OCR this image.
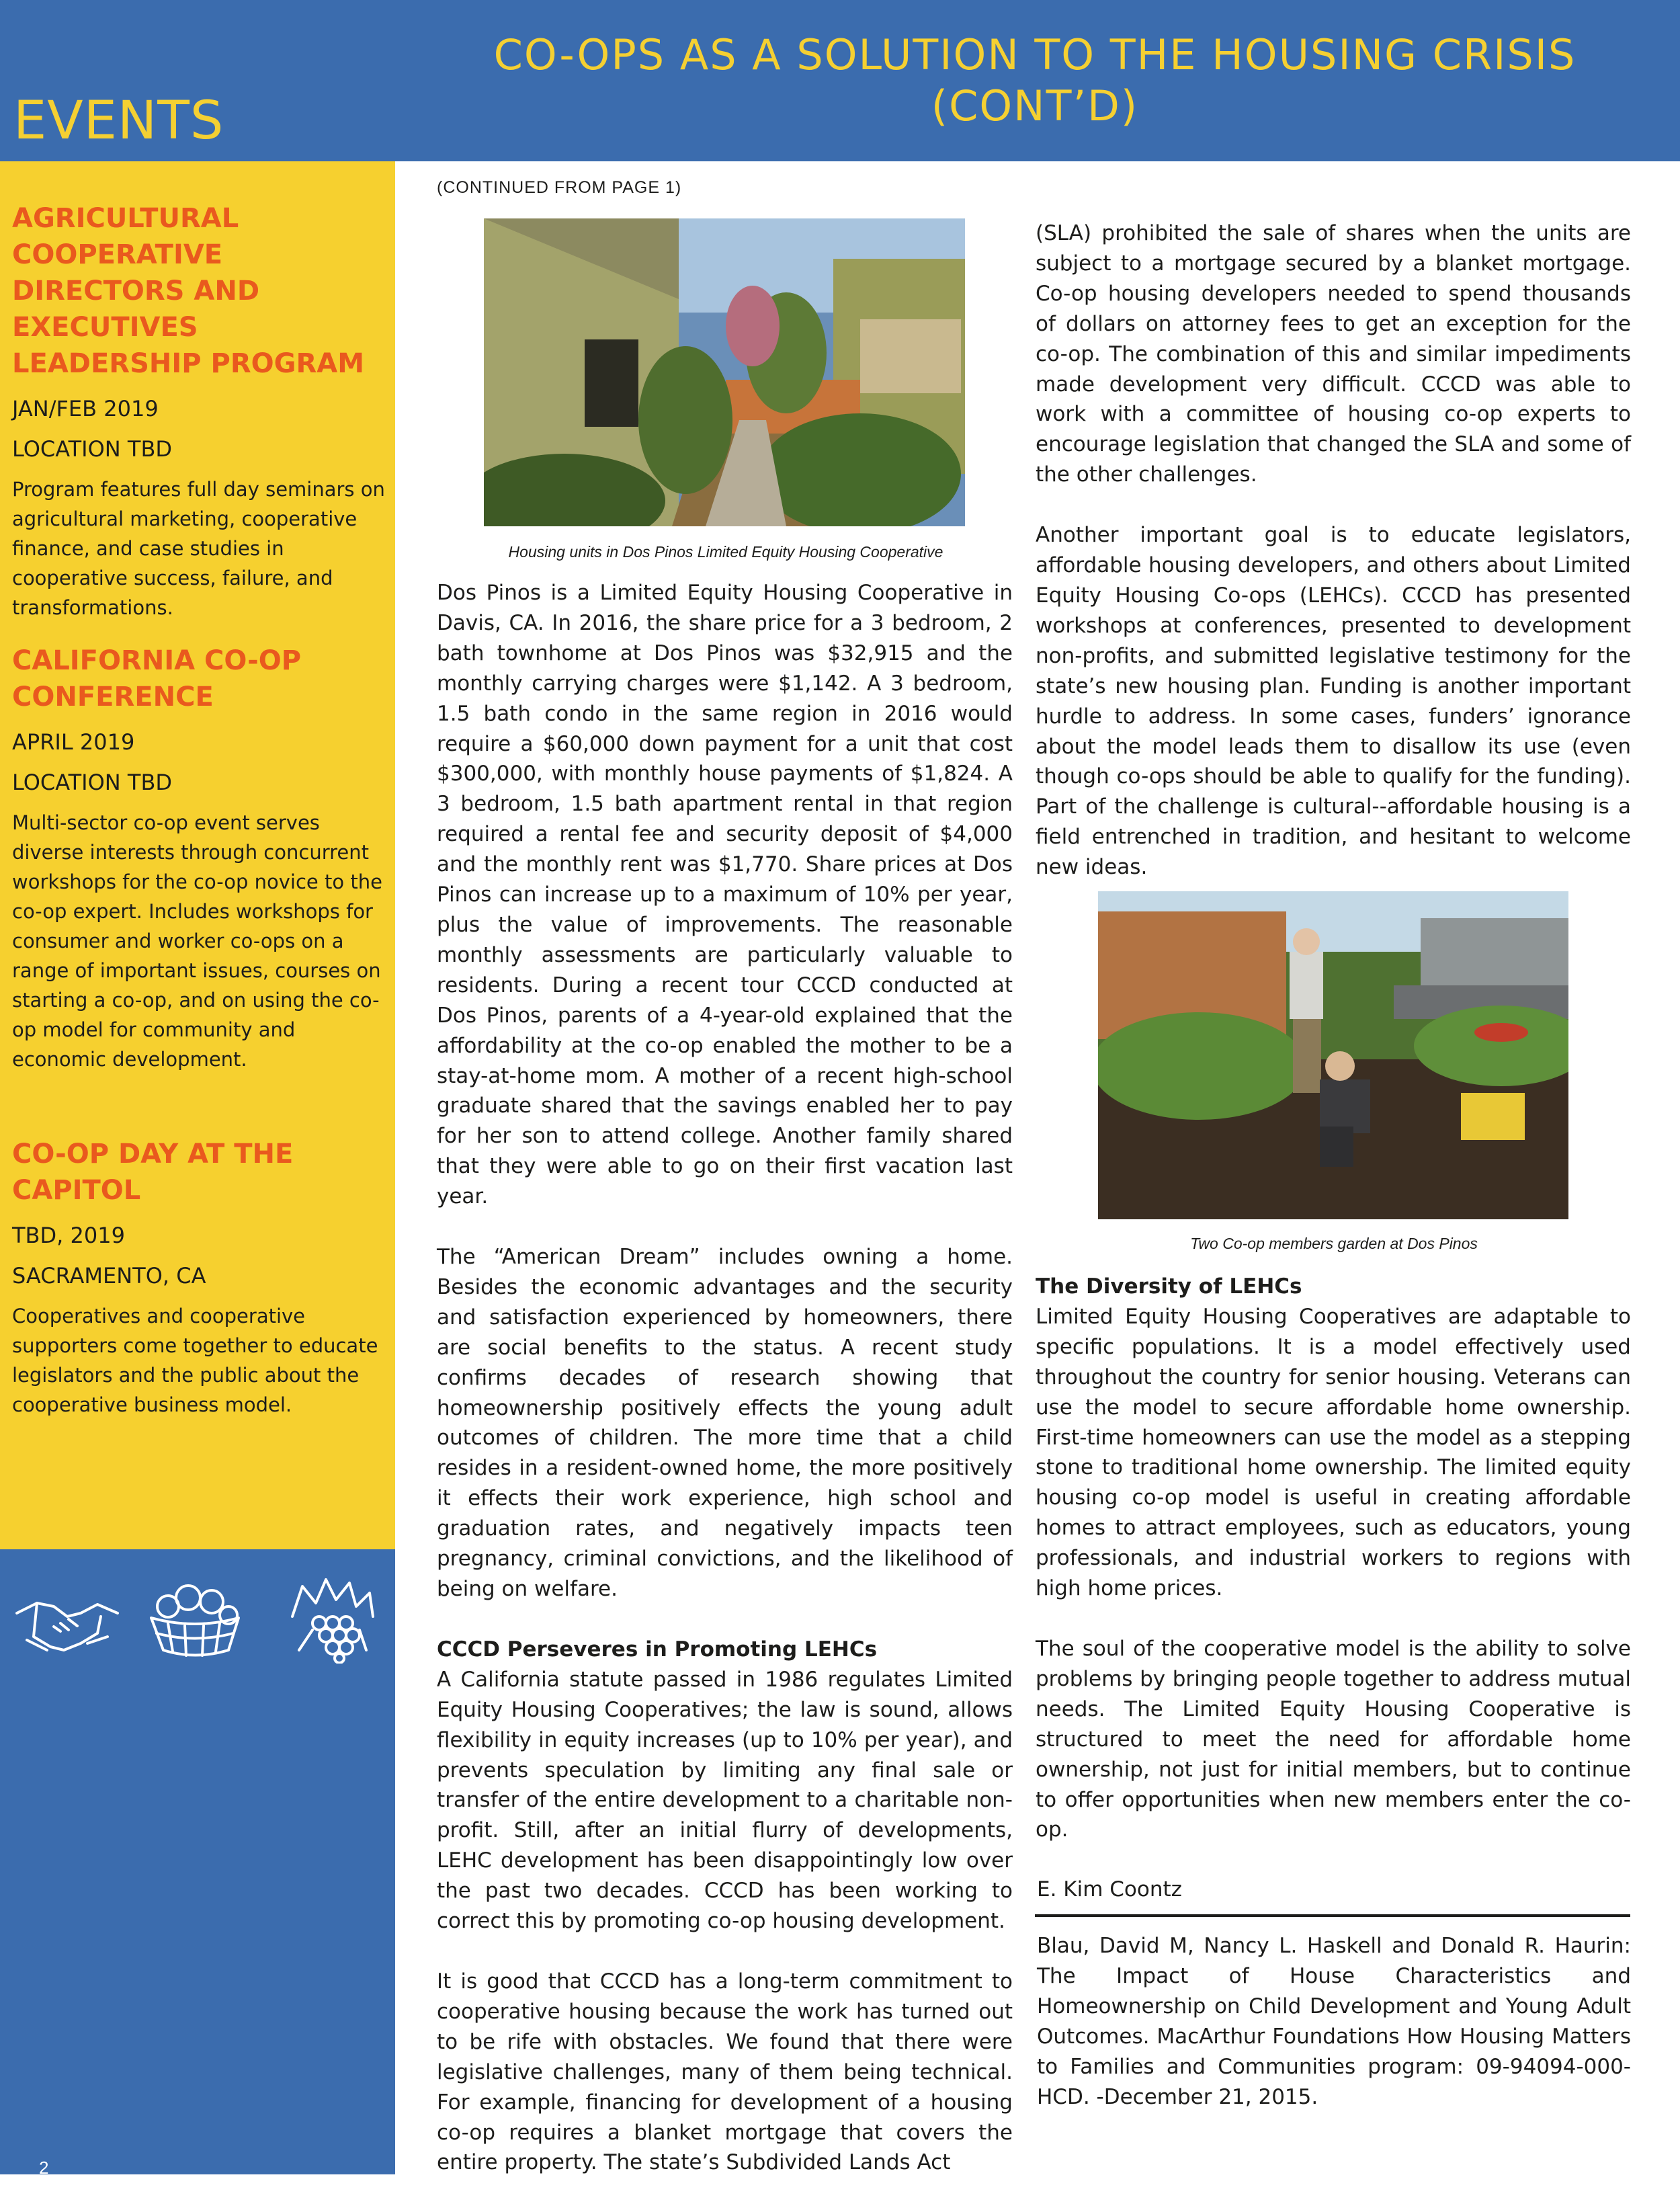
EVENTS
CO-OPS AS A SOLUTION TO THE HOUSING CRISIS
(CONT’D)
AGRICULTURAL COOPERATIVE DIRECTORS AND EXECUTIVES LEADERSHIP PROGRAM
JAN/FEB 2019
LOCATION TBD
Program features full day seminars on agricultural marketing, cooperative finance, and case studies in cooperative success, failure, and transformations.
CALIFORNIA CO-OP CONFERENCE
APRIL 2019
LOCATION TBD
Multi-sector co-op event serves diverse interests through concurrent workshops for the co-op novice to the co-op expert. Includes workshops for consumer and worker co-ops on a range of important issues, courses on starting a co-op, and on using the co-op model for community and economic development.
CO-OP DAY AT THE CAPITOL
TBD, 2019
SACRAMENTO, CA
Cooperatives and cooperative supporters come together to educate legislators and the public about the cooperative business model.
2
(CONTINUED FROM PAGE 1)
Housing units in Dos Pinos Limited Equity Housing Cooperative
Two Co-op members garden at Dos Pinos

Dos Pinos is a Limited Equity Housing Cooperative in Davis, CA. In 2016, the share price for a 3 bedroom, 2 bath townhome at Dos Pinos was $32,915 and the monthly carrying charges were $1,142. A 3 bedroom, 1.5 bath condo in the same region in 2016 would require a $60,000 down payment for a unit that cost $300,000, with monthly house payments of $1,824. A 3 bedroom, 1.5 bath apartment rental in that region required a rental fee and security deposit of $4,000 and the monthly rent was $1,770. Share prices at Dos Pinos can increase up to a maximum of 10% per year, plus the value of improvements. The reasonable monthly assessments are particularly valuable to residents. During a recent tour CCCD conducted at Dos Pinos, parents of a 4-year-old explained that the affordability at the co-op enabled the mother to be a stay-at-home mom. A mother of a recent high-school graduate shared that the savings enabled her to pay for her son to attend college. Another family shared that they were able to go on their first vacation last year.

The “American Dream” includes owning a home. Besides the economic advantages and the security and satisfaction experienced by homeowners, there are social benefits to the status. A recent study confirms decades of research showing that homeownership positively effects the young adult outcomes of children. The more time that a child resides in a resident-owned home, the more positively it effects their work experience, high school and graduation rates, and negatively impacts teen pregnancy, criminal convictions, and the likelihood of being on welfare.

CCCD Perseveres in Promoting LEHCs

A California statute passed in 1986 regulates Limited Equity Housing Cooperatives; the law is sound, allows flexibility in equity increases (up to 10% per year), and prevents speculation by limiting any final sale or transfer of the entire development to a charitable non-profit. Still, after an initial flurry of developments, LEHC development has been disappointingly low over the past two decades. CCCD has been working to correct this by promoting co-op housing development.

It is good that CCCD has a long-term commitment to cooperative housing because the work has turned out to be rife with obstacles. We found that there were legislative challenges, many of them being technical. For example, financing for development of a housing co-op requires a blanket mortgage that covers the entire property. The state’s Subdivided Lands Act

(SLA) prohibited the sale of shares when the units are subject to a mortgage secured by a blanket mortgage. Co-op housing developers needed to spend thousands of dollars on attorney fees to get an exception for the co-op. The combination of this and similar impediments made development very difficult. CCCD was able to work with a committee of housing co-op experts to encourage legislation that changed the SLA and some of the other challenges.

Another important goal is to educate legislators, affordable housing developers, and others about Limited Equity Housing Co-ops (LEHCs). CCCD has presented workshops at conferences, presented to development non-profits, and submitted legislative testimony for the state’s new housing plan. Funding is another important hurdle to address. In some cases, funders’ ignorance about the model leads them to disallow its use (even though co-ops should be able to qualify for the funding). Part of the challenge is cultural--affordable housing is a field entrenched in tradition, and hesitant to welcome new ideas.

The Diversity of LEHCs

Limited Equity Housing Cooperatives are adaptable to specific populations. It is a model effectively used throughout the country for senior housing. Veterans can use the model to secure affordable home ownership. First-time homeowners can use the model as a stepping stone to traditional home ownership. The limited equity housing co-op model is useful in creating affordable homes to attract employees, such as educators, young professionals, and industrial workers to regions with high home prices.

The soul of the cooperative model is the ability to solve problems by bringing people together to address mutual needs. The Limited Equity Housing Cooperative is structured to meet the need for affordable home ownership, not just for initial members, but to continue to offer opportunities when new members enter the co-op.

E. Kim Coontz
Blau, David M, Nancy L. Haskell and Donald R. Haurin: The Impact of House Characteristics and Homeownership on Child Development and Young Adult Outcomes. MacArthur Foundations How Housing Matters to Families and Communities program: 09-94094-000-HCD. -December 21, 2015.
